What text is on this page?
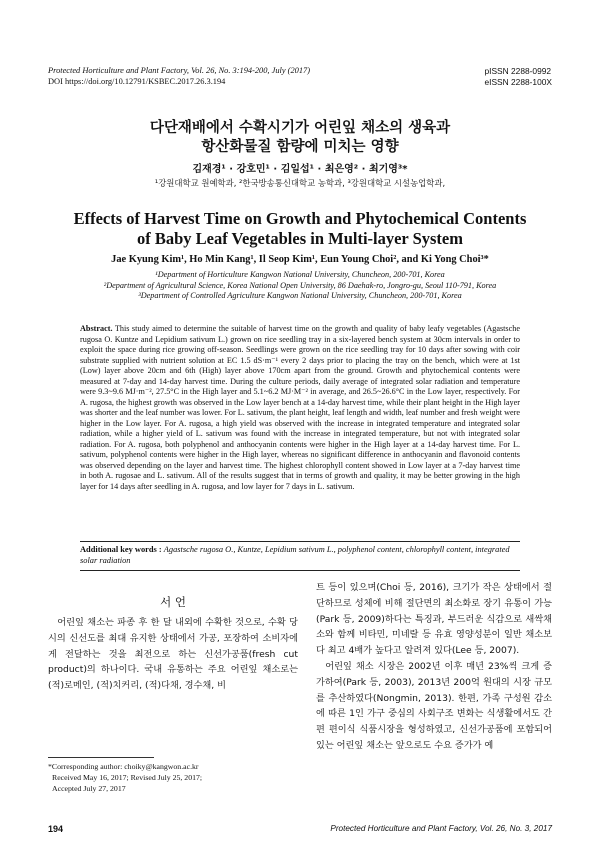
Protected Horticulture and Plant Factory, Vol. 26, No. 3:194-200, July (2017)
DOI https://doi.org/10.12791/KSBEC.2017.26.3.194
pISSN 2288-0992
eISSN 2288-100X
다단재배에서 수확시기가 어린잎 채소의 생육과
항산화물질 함량에 미치는 영향
김재경¹ · 강호민¹ · 김일섭¹ · 최은영² · 최기영³*
¹강원대학교 원예학과, ²한국방송통신대학교 농학과, ³강원대학교 시설농업학과,
Effects of Harvest Time on Growth and Phytochemical Contents
of Baby Leaf Vegetables in Multi-layer System
Jae Kyung Kim¹, Ho Min Kang¹, Il Seop Kim¹, Eun Young Choi², and Ki Yong Choi³*
¹Department of Horticulture Kangwon National University, Chuncheon, 200-701, Korea
²Department of Agricultural Science, Korea National Open University, 86 Daehak-ro, Jongro-gu, Seoul 110-791, Korea
³Department of Controlled Agriculture Kangwon National University, Chuncheon, 200-701, Korea
Abstract. This study aimed to determine the suitable of harvest time on the growth and quality of baby leafy vegetables (Agastsche rugosa O. Kuntze and Lepidium sativum L.) grown on rice seedling tray in a six-layered bench system at 30cm intervals in order to exploit the space during rice growing off-season. Seedlings were grown on the rice seedling tray for 10 days after sowing with coir substrate supplied with nutrient solution at EC 1.5 dS·m⁻¹ every 2 days prior to placing the tray on the bench, which were at 1st (Low) layer above 20cm and 6th (High) layer above 170cm apart from the ground. Growth and phytochemical contents were measured at 7-day and 14-day harvest time. During the culture periods, daily average of integrated solar radiation and temperature were 9.3~9.6 MJ·m⁻², 27.5°C in the High layer and 5.1~6.2 MJ·M⁻² in average, and 26.5~26.6°C in the Low layer, respectively. For A. rugosa, the highest growth was observed in the Low layer bench at a 14-day harvest time, while their plant height in the High layer was shorter and the leaf number was lower. For L. sativum, the plant height, leaf length and width, leaf number and fresh weight were higher in the Low layer. For A. rugosa, a high yield was observed with the increase in integrated temperature and integrated solar radiation, while a higher yield of L. sativum was found with the increase in integrated temperature, but not with integrated solar radiation. For A. rugosa, both polyphenol and anthocyanin contents were higher in the High layer at a 14-day harvest time. For L. sativum, polyphenol contents were higher in the High layer, whereas no significant difference in anthocyanin and flavonoid contents was observed depending on the layer and harvest time. The highest chlorophyll content showed in Low layer at a 7-day harvest time in both A. rugosae and L. sativum. All of the results suggest that in terms of growth and quality, it may be better growing in the high layer for 14 days after seedling in A. rugosa, and low layer for 7 days in L. sativum.
Additional key words : Agastsche rugosa O., Kuntze, Lepidium sativum L., polyphenol content, chlorophyll content, integrated solar radiation
서 언

어린잎 채소는 파종 후 한 달 내외에 수확한 것으로, 수확 당시의 신선도를 최대 유지한 상태에서 가공, 포장하여 소비자에게 전달하는 것을 최전으로 하는 신선가공품(fresh cut product)의 하나이다. 국내 유통하는 주요 어린잎 채소로는 (적)로메인, (적)치커리, (적)다채, 경수채, 비

트 등이 있으며(Choi 등, 2016), 크기가 작은 상태에서 절단하므로 성체에 비해 절단면의 최소화로 장기 유통이 가능(Park 등, 2009)하다는 특징과, 부드러운 식감으로 새싹채소와 함께 비타민, 미네랄 등 유효 영양성분이 일반 채소보다 최고 4배가 높다고 알려져 있다(Lee 등, 2007).

어린잎 채소 시장은 2002년 이후 매년 23%씩 크게 증가하여(Park 등, 2003), 2013년 200억 원대의 시장 규모를 추산하였다(Nongmin, 2013). 한편, 가족 구성원 감소에 따른 1인 가구 중심의 사회구조 변화는 식생활에서도 간편 편이식 식품시장을 형성하였고, 신선가공품에 포함되어 있는 어린잎 채소는 앞으로도 수요 증가가 예

*Corresponding author: choiky@kangwon.ac.kr
Received May 16, 2017; Revised July 25, 2017;
Accepted July 27, 2017
194	Protected Horticulture and Plant Factory, Vol. 26, No. 3, 2017
